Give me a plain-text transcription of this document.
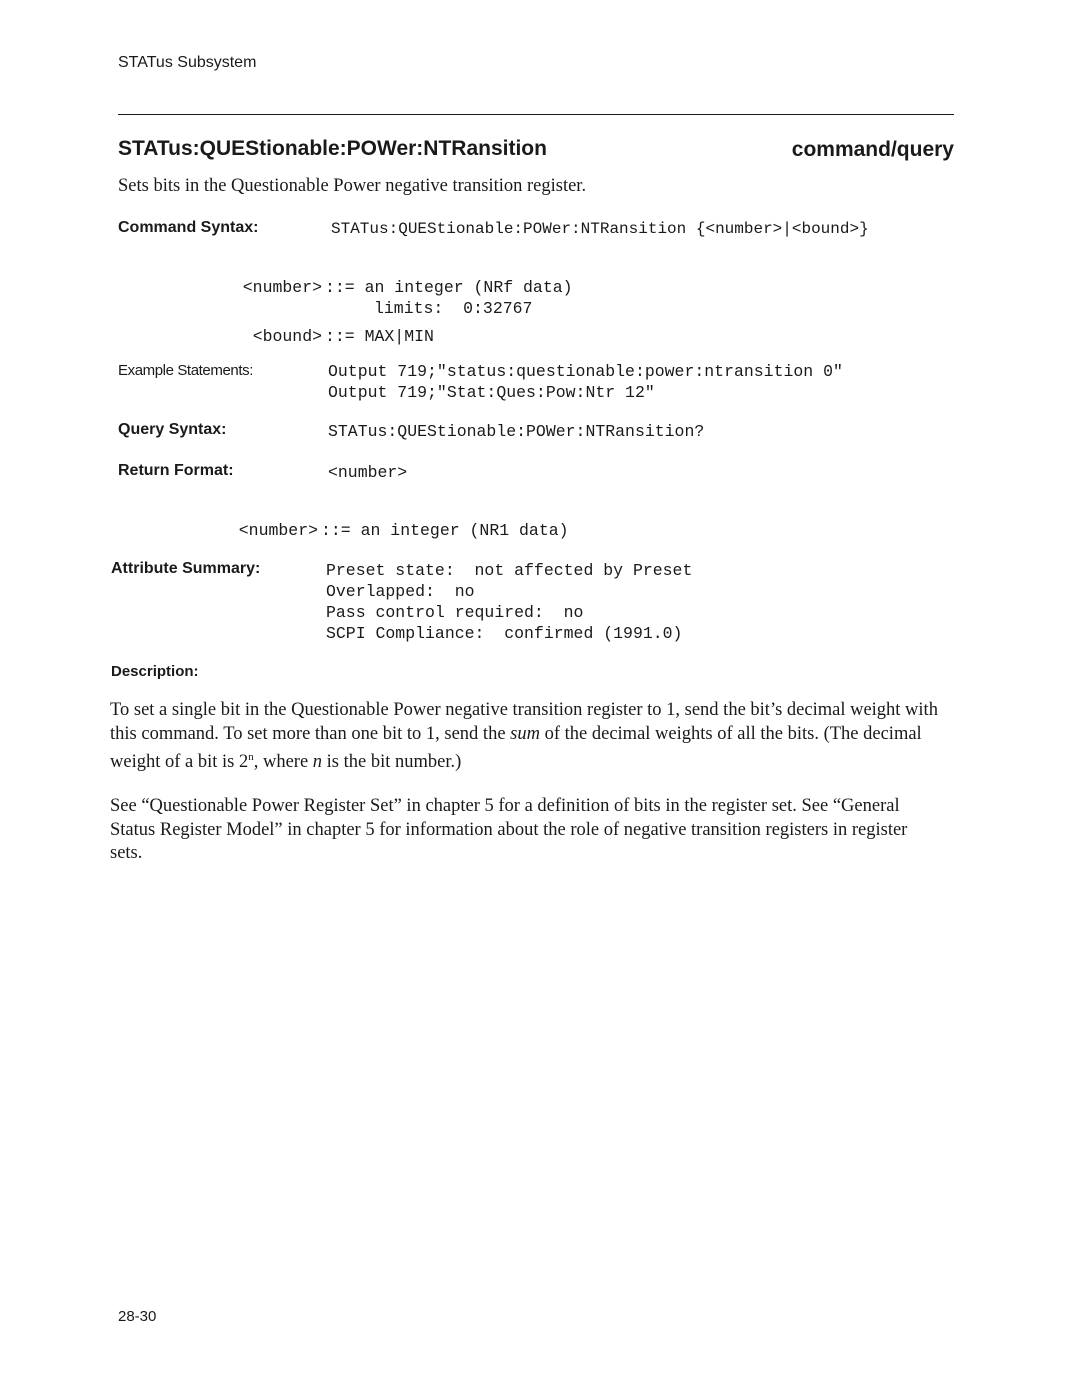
STATus Subsystem
STATus:QUEStionable:POWer:NTRansition	command/query
Sets bits in the Questionable Power negative transition register.
Command Syntax:	STATus:QUEStionable:POWer:NTRansition {<number>|<bound>}
<number> ::= an integer (NRf data)
limits:  0:32767
<bound> ::= MAX|MIN
Example Statements:	Output 719;"status:questionable:power:ntransition 0"
Output 719;"Stat:Ques:Pow:Ntr 12"
Query Syntax:	STATus:QUEStionable:POWer:NTRansition?
Return Format:	<number>
<number> ::= an integer (NR1 data)
Attribute Summary:	Preset state:  not affected by Preset
Overlapped:  no
Pass control required:  no
SCPI Compliance:  confirmed (1991.0)
Description:
To set a single bit in the Questionable Power negative transition register to 1, send the bit’s decimal weight with this command. To set more than one bit to 1, send the sum of the decimal weights of all the bits. (The decimal weight of a bit is 2$^n$, where n is the bit number.)
See “Questionable Power Register Set” in chapter 5 for a definition of bits in the register set. See “General Status Register Model” in chapter 5 for information about the role of negative transition registers in register sets.
28-30
